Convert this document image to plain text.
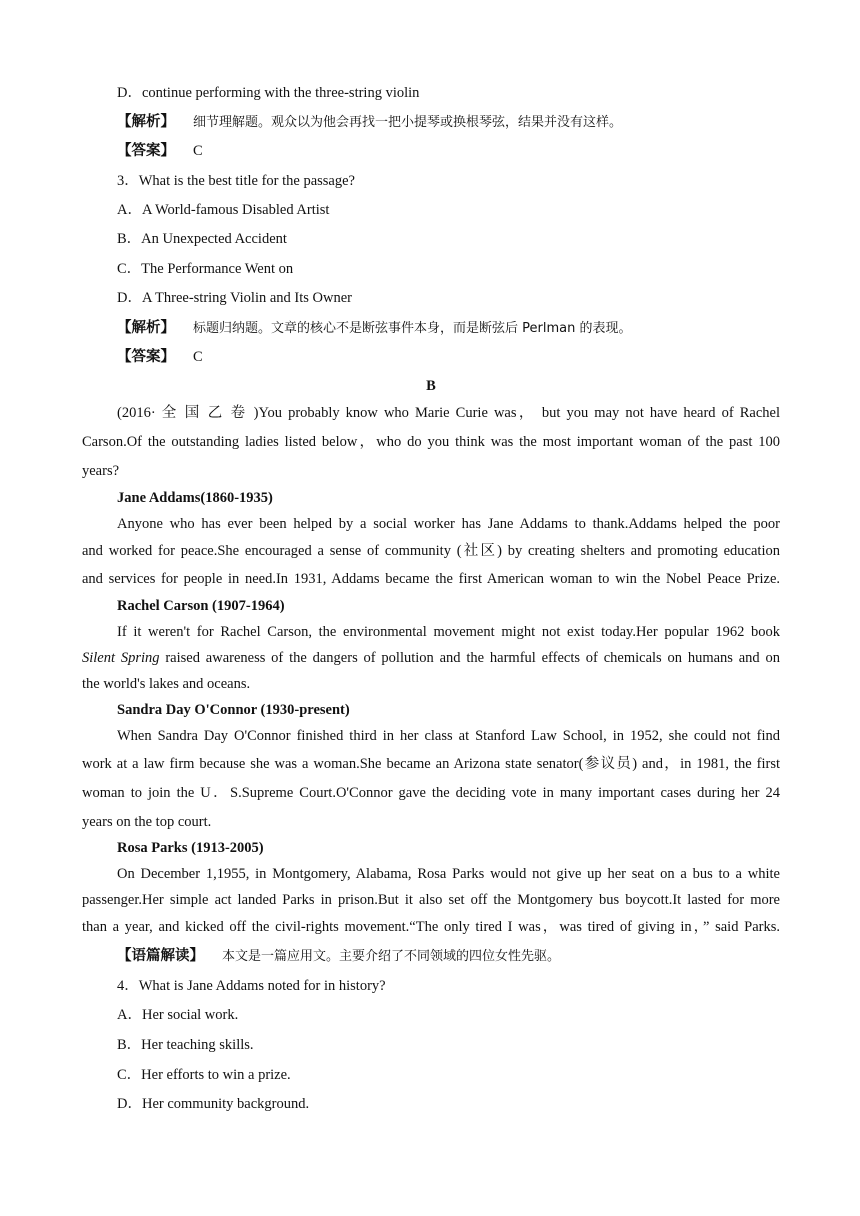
D．continue performing with the three-string violin
【解析】 细节理解题。观众以为他会再找一把小提琴或换根琴弦，结果并没有这样。
【答案】 C
3．What is the best title for the passage?
A．A World-famous Disabled Artist
B．An Unexpected Accident
C．The Performance Went on
D．A Three-string Violin and Its Owner
【解析】 标题归纳题。文章的核心不是断弦事件本身，而是断弦后 Perlman 的表现。
【答案】 C
B
(2016· 全 国 乙 卷 )You probably know who Marie Curie was， but you may not have heard of Rachel
Carson.Of the outstanding ladies listed below，who do you think was the most important woman of the past 100
years?
Jane Addams(1860-1935)
Anyone who has ever been helped by a social worker has Jane Addams to thank.Addams helped the poor
and worked for peace.She encouraged a sense of community (社区) by creating shelters and promoting education
and services for people in need.In 1931, Addams became the first American woman to win the Nobel Peace Prize.
Rachel Carson (1907-1964)
If it weren't for Rachel Carson, the environmental movement might not exist today.Her popular 1962 book
Silent Spring raised awareness of the dangers of pollution and the harmful effects of chemicals on humans and on
the world's lakes and oceans.
Sandra Day O'Connor (1930-present)
When Sandra Day O'Connor finished third in her class at Stanford Law School, in 1952, she could not find
work at a law firm because she was a woman.She became an Arizona state senator(参议员) and，in 1981, the first
woman to join the U．S.Supreme Court.O'Connor gave the deciding vote in many important cases during her 24
years on the top court.
Rosa Parks (1913-2005)
On December 1,1955, in Montgomery, Alabama, Rosa Parks would not give up her seat on a bus to a white
passenger.Her simple act landed Parks in prison.But it also set off the Montgomery bus boycott.It lasted for more
than a year, and kicked off the civil-rights movement.“The only tired I was，was tired of giving in，” said Parks.
【语篇解读】 本文是一篇应用文。主要介绍了不同领域的四位女性先驱。
4．What is Jane Addams noted for in history?
A．Her social work.
B．Her teaching skills.
C．Her efforts to win a prize.
D．Her community background.
